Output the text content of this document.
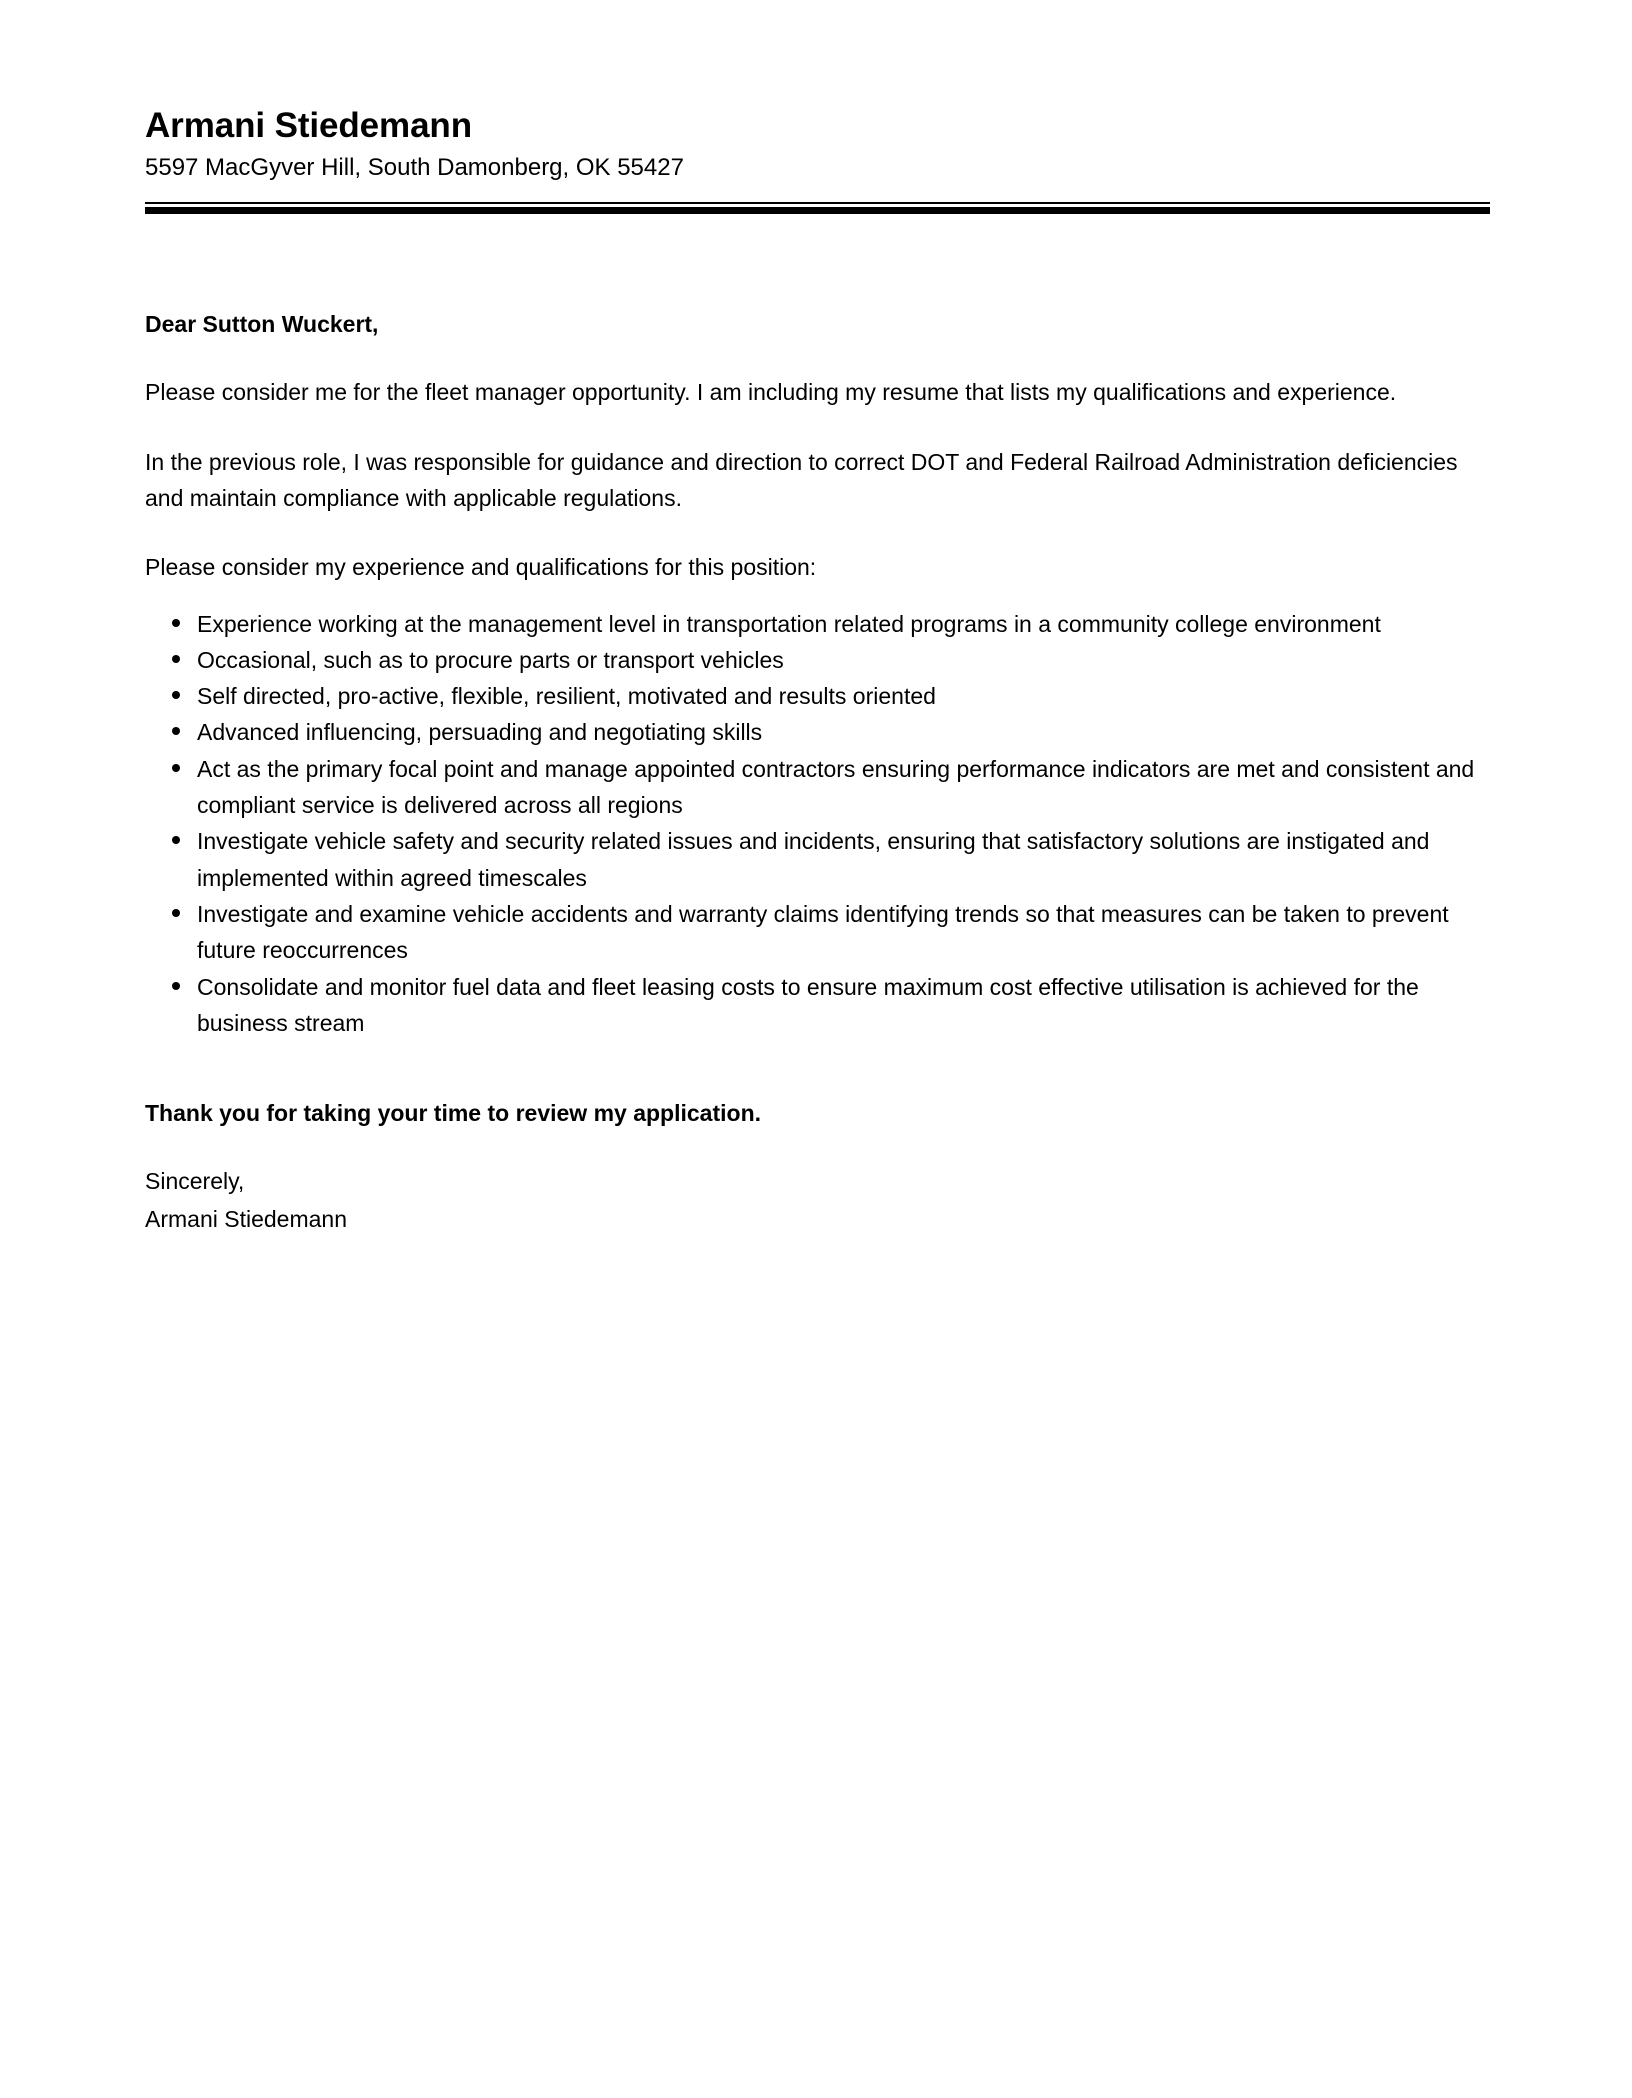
Armani Stiedemann
5597 MacGyver Hill, South Damonberg, OK 55427

Dear Sutton Wuckert,

Please consider me for the fleet manager opportunity. I am including my resume that lists my qualifications and experience.

In the previous role, I was responsible for guidance and direction to correct DOT and Federal Railroad Administration deficiencies and maintain compliance with applicable regulations.

Please consider my experience and qualifications for this position:

Experience working at the management level in transportation related programs in a community college environment
Occasional, such as to procure parts or transport vehicles
Self directed, pro-active, flexible, resilient, motivated and results oriented
Advanced influencing, persuading and negotiating skills
Act as the primary focal point and manage appointed contractors ensuring performance indicators are met and consistent and compliant service is delivered across all regions
Investigate vehicle safety and security related issues and incidents, ensuring that satisfactory solutions are instigated and implemented within agreed timescales
Investigate and examine vehicle accidents and warranty claims identifying trends so that measures can be taken to prevent future reoccurrences
Consolidate and monitor fuel data and fleet leasing costs to ensure maximum cost effective utilisation is achieved for the business stream

Thank you for taking your time to review my application.

Sincerely,

Armani Stiedemann
